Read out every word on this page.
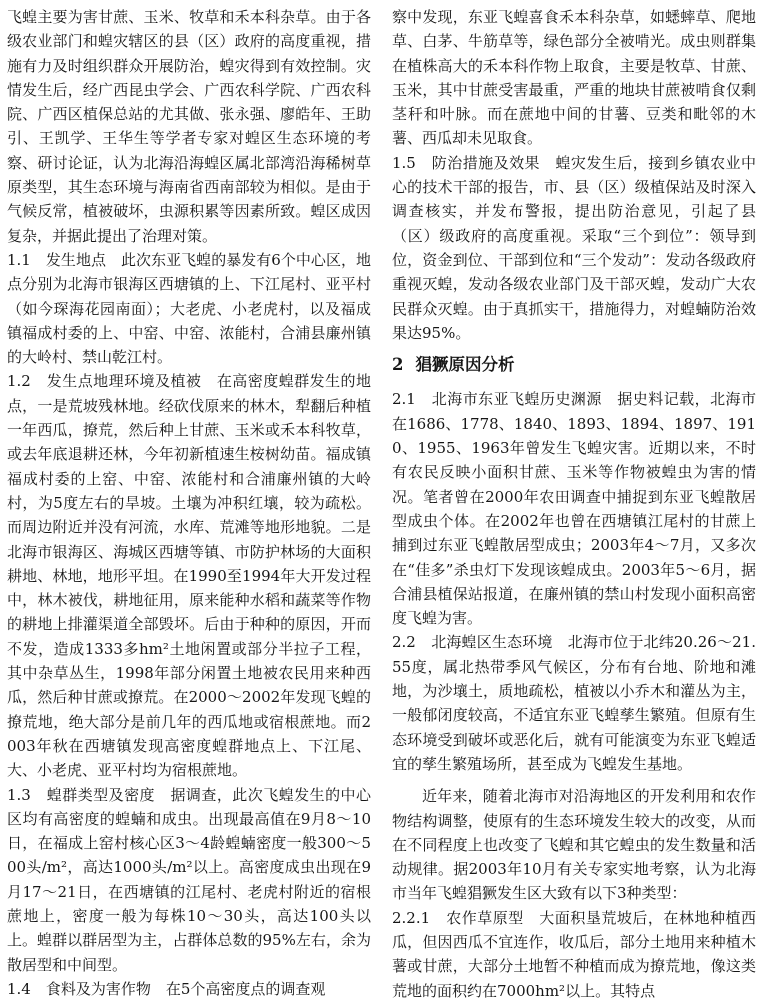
飞蝗主要为害甘蔗、玉米、牧草和禾本科杂草。由于各级农业部门和蝗灾辖区的县（区）政府的高度重视，措施有力及时组织群众开展防治，蝗灾得到有效控制。灾情发生后，经广西昆虫学会、广西农科学院、广西农科院、广西区植保总站的尤其做、张永强、廖皓年、王助引、王凯学、王华生等学者专家对蝗区生态环境的考察、研讨论证，认为北海沿海蝗区属北部湾沿海稀树草原类型，其生态环境与海南省西南部较为相似。是由于气候反常，植被破坏，虫源积累等因素所致。蝗区成因复杂，并据此提出了治理对策。

1.1　发生地点　此次东亚飞蝗的暴发有6个中心区，地点分别为北海市银海区西塘镇的上、下江尾村、亚平村（如今琛海花园南面）；大老虎、小老虎村，以及福成镇福成村委的上、中窑、中窑、浓能村，合浦县廉州镇的大岭村、禁山乾江村。

1.2　发生点地理环境及植被　在高密度蝗群发生的地点，一是荒坡残林地。经砍伐原来的林木，犁翻后种植一年西瓜，撩荒，然后种上甘蔗、玉米或禾本科牧草，或去年底退耕还林，今年初新植速生桉树幼苗。福成镇福成村委的上窑、中窑、浓能村和合浦廉州镇的大岭村，为5度左右的旱坡。土壤为冲积红壤，较为疏松。而周边附近并没有河流，水库、荒滩等地形地貌。二是北海市银海区、海城区西塘等镇、市防护林场的大面积耕地、林地，地形平坦。在1990至1994年大开发过程中，林木被伐，耕地征用，原来能种水稻和蔬菜等作物的耕地上排灌渠道全部毁坏。后由于种种的原因，开而不发，造成1333多hm²土地闲置或部分半拉子工程，其中杂草丛生，1998年部分闲置土地被农民用来种西瓜，然后种甘蔗或撩荒。在2000～2002年发现飞蝗的撩荒地，绝大部分是前几年的西瓜地或宿根蔗地。而2003年秋在西塘镇发现高密度蝗群地点上、下江尾、大、小老虎、亚平村均为宿根蔗地。

1.3　蝗群类型及密度　据调查，此次飞蝗发生的中心区均有高密度的蝗蝻和成虫。出现最高值在9月8～10日，在福成上窑村核心区3～4龄蝗蝻密度一般300～500头/m²，高达1000头/m²以上。高密度成虫出现在9月17～21日，在西塘镇的江尾村、老虎村附近的宿根蔗地上，密度一般为每株10～30头，高达100头以上。蝗群以群居型为主，占群体总数的95%左右，余为散居型和中间型。

1.4　食料及为害作物　在5个高密度点的调查观

察中发现，东亚飞蝗喜食禾本科杂草，如蟋蟀草、爬地草、白茅、牛筋草等，绿色部分全被啃光。成虫则群集在植株高大的禾本科作物上取食，主要是牧草、甘蔗、玉米，其中甘蔗受害最重，严重的地块甘蔗被啃食仅剩茎秆和叶脉。而在蔗地中间的甘薯、豆类和毗邻的木薯、西瓜却未见取食。

1.5　防治措施及效果　蝗灾发生后，接到乡镇农业中心的技术干部的报告，市、县（区）级植保站及时深入调查核实，并发布警报，提出防治意见，引起了县（区）级政府的高度重视。采取“三个到位”：领导到位，资金到位、干部到位和“三个发动”：发动各级政府重视灭蝗，发动各级农业部门及干部灭蝗，发动广大农民群众灭蝗。由于真抓实干，措施得力，对蝗蝻防治效果达95%。

2 猖獗原因分析

2.1　北海市东亚飞蝗历史渊源　据史料记载，北海市在1686、1778、1840、1893、1894、1897、1910、1955、1963年曾发生飞蝗灾害。近期以来，不时有农民反映小面积甘蔗、玉米等作物被蝗虫为害的情况。笔者曾在2000年农田调查中捕捉到东亚飞蝗散居型成虫个体。在2002年也曾在西塘镇江尾村的甘蔗上捕到过东亚飞蝗散居型成虫；2003年4～7月，又多次在“佳多”杀虫灯下发现该蝗成虫。2003年5～6月，据合浦县植保站报道，在廉州镇的禁山村发现小面积高密度飞蝗为害。

2.2　北海蝗区生态环境　北海市位于北纬20.26～21.55度，属北热带季风气候区，分布有台地、阶地和滩地，为沙壤土，质地疏松，植被以小乔木和灌丛为主，一般郁闭度较高，不适宜东亚飞蝗孳生繁殖。但原有生态环境受到破坏或恶化后，就有可能演变为东亚飞蝗适宜的孳生繁殖场所，甚至成为飞蝗发生基地。

近年来，随着北海市对沿海地区的开发利用和农作物结构调整，使原有的生态环境发生较大的改变，从而在不同程度上也改变了飞蝗和其它蝗虫的发生数量和活动规律。据2003年10月有关专家实地考察，认为北海市当年飞蝗猖獗发生区大致有以下3种类型：

2.2.1　农作草原型　大面积垦荒坡后，在林地种植西瓜，但因西瓜不宜连作，收瓜后，部分土地用来种植木薯或甘蔗，大部分土地暂不种植而成为撩荒地，像这类荒地的面积约在7000hm²以上。其特点
